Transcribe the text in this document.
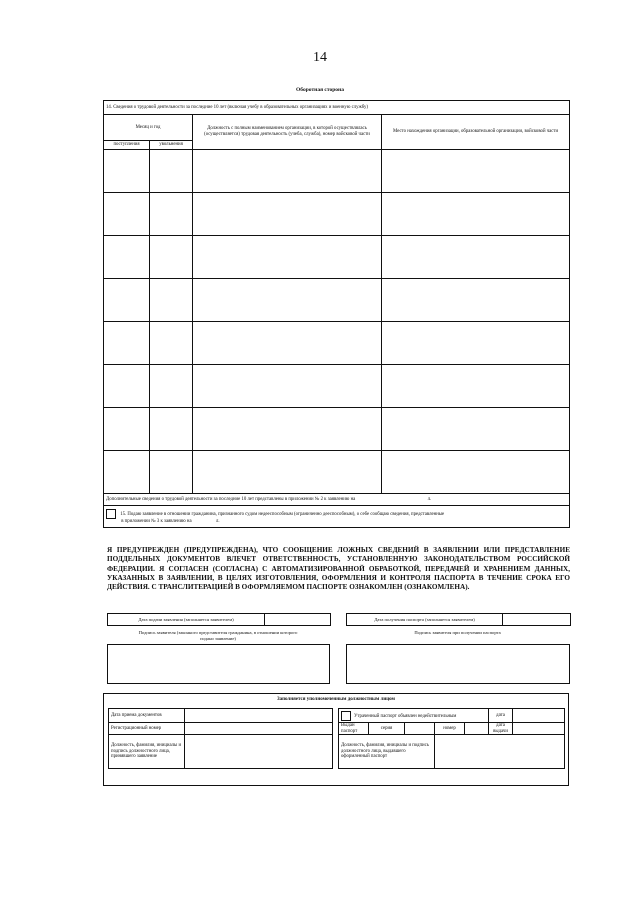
14
Оборотная сторона
14. Сведения о трудовой деятельности за последние 10 лет (включая учебу в образовательных организациях и военную службу)			
Месяц и год		Должность с полным наименованием организации, в которой осуществлялась (осуществляется) трудовая деятельность (учеба, служба), номер войсковой части	Место нахождения организации, образовательной организации, войсковой части
поступления	увольнения		

Дополнительные сведения о трудовой деятельности за последние 10 лет представлены в приложении № 2 к заявлению на л.			
15. Подаю заявление в отношении гражданина, признанного судом недееспособным (ограниченно дееспособным), о себе сообщаю сведения, представленные
в приложении № 3 к заявлению на л.			
Я ПРЕДУПРЕЖДЕН (ПРЕДУПРЕЖДЕНА), ЧТО СООБЩЕНИЕ ЛОЖНЫХ СВЕДЕНИЙ В ЗАЯВЛЕНИИ ИЛИ ПРЕДСТАВЛЕНИЕ ПОДДЕЛЬНЫХ ДОКУМЕНТОВ ВЛЕЧЕТ ОТВЕТСТВЕННОСТЬ, УСТАНОВЛЕННУЮ ЗАКОНОДАТЕЛЬСТВОМ РОССИЙСКОЙ ФЕДЕРАЦИИ. Я СОГЛАСЕН (СОГЛАСНА) С АВТОМАТИЗИРОВАННОЙ ОБРАБОТКОЙ, ПЕРЕДАЧЕЙ И ХРАНЕНИЕМ ДАННЫХ, УКАЗАННЫХ В ЗАЯВЛЕНИИ, В ЦЕЛЯХ ИЗГОТОВЛЕНИЯ, ОФОРМЛЕНИЯ И КОНТРОЛЯ ПАСПОРТА В ТЕЧЕНИЕ СРОКА ЕГО ДЕЙСТВИЯ. С ТРАНСЛИТЕРАЦИЕЙ В ОФОРМЛЯЕМОМ ПАСПОРТЕ ОЗНАКОМЛЕН (ОЗНАКОМЛЕНА).
Дата подачи заявления (заполняется заявителем)	Дата получения паспорта (заполняется заявителем)
Подпись заявителя (законного представителя гражданина, в отношении которого подано заявление)
Подпись заявителя при получении паспорта
Заполняется уполномоченным должностным лицом
Дата приема документов			Утраченный паспорт объявлен недействительным					дата	
Регистрационный номер			Выдан паспорт	серия		номер		дата выдачи	
Должность, фамилия, инициалы и подпись должностного лица, принявшего заявление			Должность, фамилия, инициалы и подпись должностного лица, выдавшего оформленный паспорт						
